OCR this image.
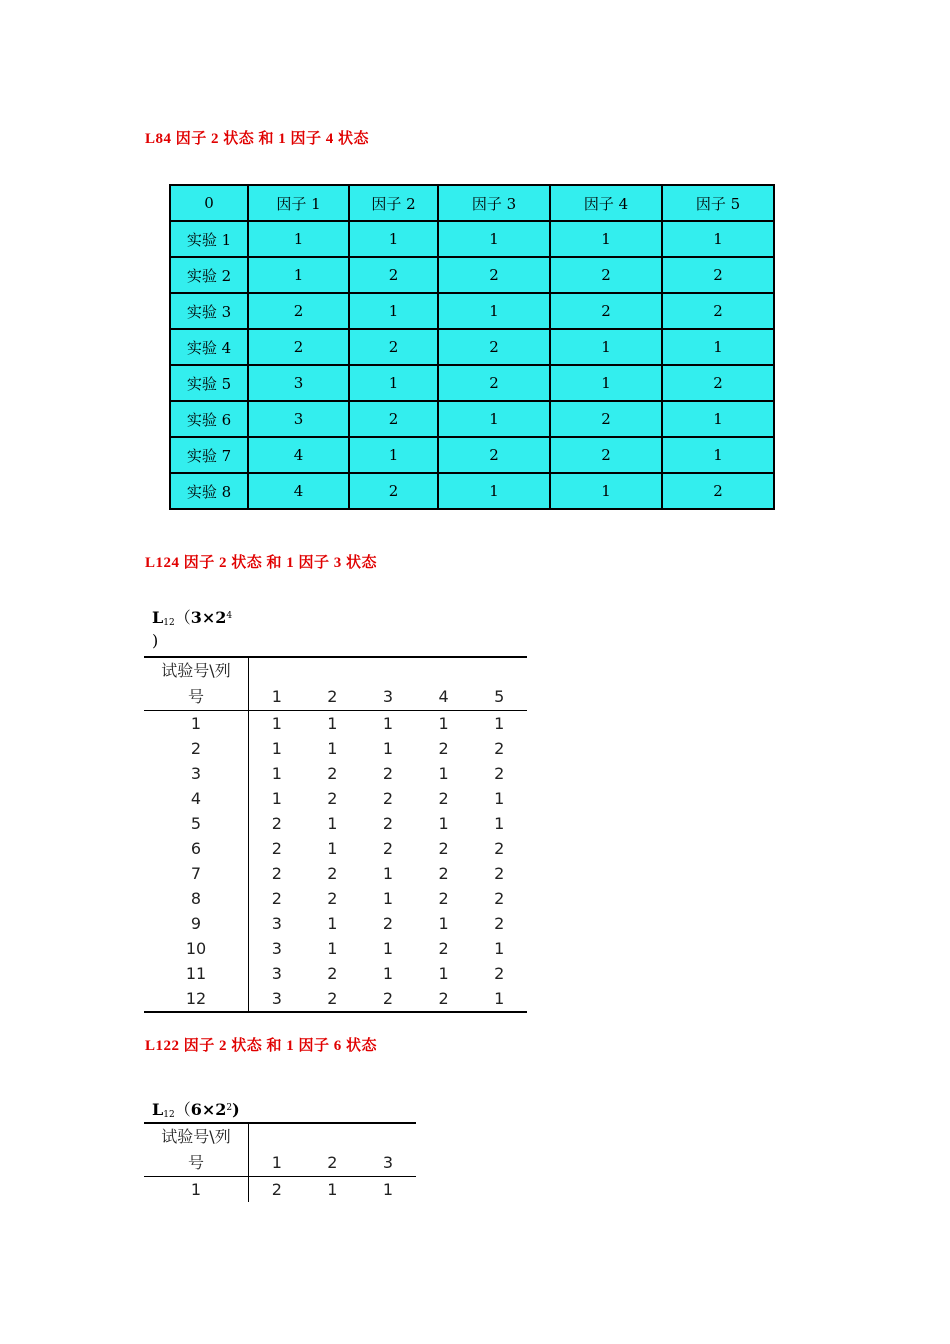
L84 因子 2 状态 和 1 因子 4 状态
0	因子 1	因子 2	因子 3	因子 4	因子 5
实验 1	1	1	1	1	1
实验 2	1	2	2	2	2
实验 3	2	1	1	2	2
实验 4	2	2	2	1	1
实验 5	3	1	2	1	2
实验 6	3	2	1	2	1
实验 7	4	1	2	2	1
实验 8	4	2	1	1	2
L124 因子 2 状态 和 1 因子 3 状态
$L_{12}(3\times 2^4$
)
试验号\列
号	1	2	3	4	5
1	1	1	1	1	1
2	1	1	1	2	2
3	1	2	2	1	2
4	1	2	2	2	1
5	2	1	2	1	1
6	2	1	2	2	2
7	2	2	1	2	2
8	2	2	1	2	2
9	3	1	2	1	2
10	3	1	1	2	1
11	3	2	1	1	2
12	3	2	2	2	1
L122 因子 2 状态 和 1 因子 6 状态
$L_{12}(6\times 2^2)$
试验号\列
号	1	2	3
1	2	1	1
